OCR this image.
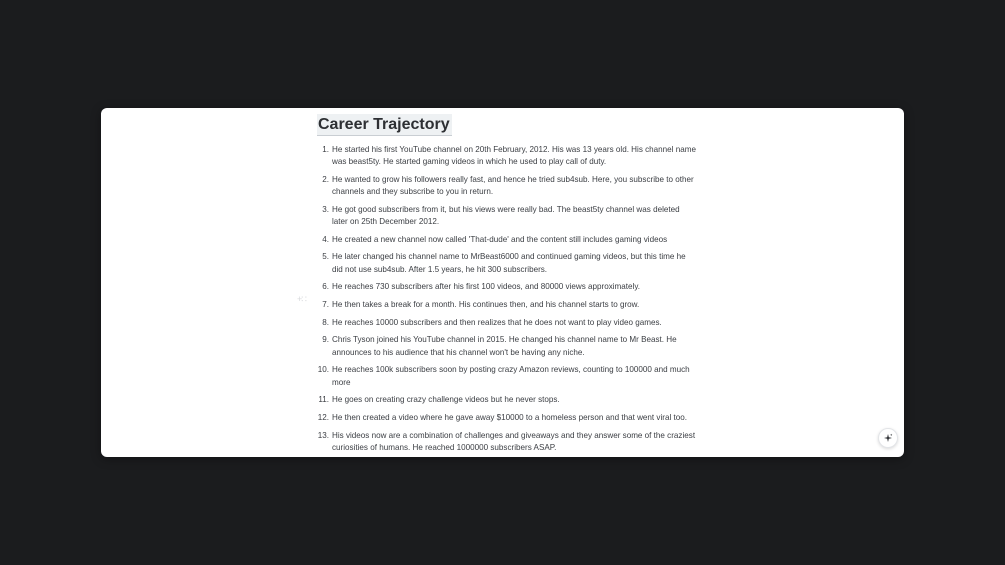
Career Trajectory
1. He started his first YouTube channel on 20th February, 2012. His was 13 years old. His channel name was beast5ty. He started gaming videos in which he used to play call of duty.
2. He wanted to grow his followers really fast, and hence he tried sub4sub. Here, you subscribe to other channels and they subscribe to you in return.
3. He got good subscribers from it, but his views were really bad. The beast5ty channel was deleted later on 25th December 2012.
4. He created a new channel now called 'That-dude' and the content still includes gaming videos
5. He later changed his channel name to MrBeast6000 and continued gaming videos, but this time he did not use sub4sub. After 1.5 years, he hit 300 subscribers.
6. He reaches 730 subscribers after his first 100 videos, and 80000 views approximately.
7. He then takes a break for a month. His continues then, and his channel starts to grow.
8. He reaches 10000 subscribers and then realizes that he does not want to play video games.
9. Chris Tyson joined his YouTube channel in 2015. He changed his channel name to Mr Beast. He announces to his audience that his channel won't be having any niche.
10. He reaches 100k subscribers soon by posting crazy Amazon reviews, counting to 100000 and much more
11. He goes on creating crazy challenge videos but he never stops.
12. He then created a video where he gave away $10000 to a homeless person and that went viral too.
13. His videos now are a combination of challenges and giveaways and they answer some of the craziest curiosities of humans. He reached 1000000 subscribers ASAP.
+∷
